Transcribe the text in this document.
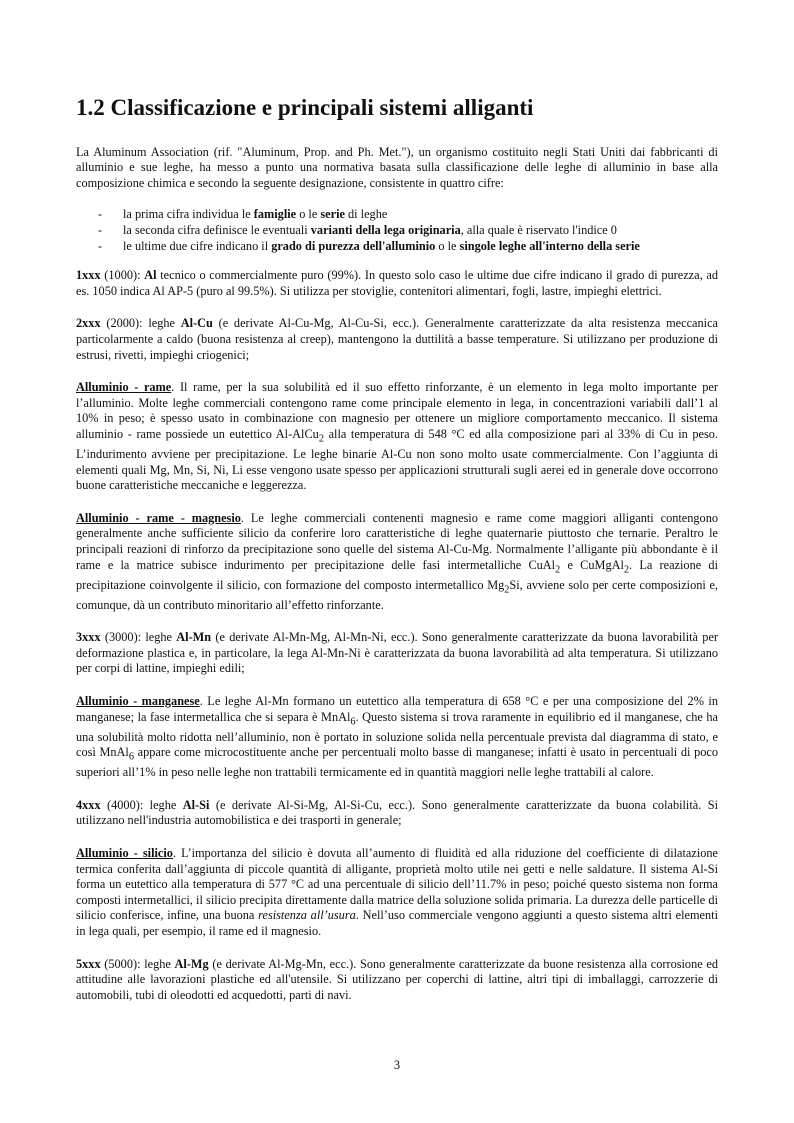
1.2 Classificazione e principali sistemi alliganti

La Aluminum Association (rif. "Aluminum, Prop. and Ph. Met."), un organismo costituito negli Stati Uniti dai fabbricanti di alluminio e sue leghe, ha messo a punto una normativa basata sulla classificazione delle leghe di alluminio in base alla composizione chimica e secondo la seguente designazione, consistente in quattro cifre:

- la prima cifra individua le famiglie o le serie di leghe
- la seconda cifra definisce le eventuali varianti della lega originaria, alla quale è riservato l'indice 0
- le ultime due cifre indicano il grado di purezza dell'alluminio o le singole leghe all'interno della serie

1xxx (1000): Al tecnico o commercialmente puro (99%). In questo solo caso le ultime due cifre indicano il grado di purezza, ad es. 1050 indica Al AP-5 (puro al 99.5%). Si utilizza per stoviglie, contenitori alimentari, fogli, lastre, impieghi elettrici.

2xxx (2000): leghe Al-Cu (e derivate Al-Cu-Mg, Al-Cu-Si, ecc.). Generalmente caratterizzate da alta resistenza meccanica particolarmente a caldo (buona resistenza al creep), mantengono la duttilità a basse temperature. Si utilizzano per produzione di estrusi, rivetti, impieghi criogenici;

Alluminio - rame. Il rame, per la sua solubilità ed il suo effetto rinforzante, è un elemento in lega molto importante per l’alluminio. Molte leghe commerciali contengono rame come principale elemento in lega, in concentrazioni variabili dall’1 al 10% in peso; è spesso usato in combinazione con magnesio per ottenere un migliore comportamento meccanico. Il sistema alluminio - rame possiede un eutettico Al-AlCu$_2$ alla temperatura di 548 °C ed alla composizione pari al 33% di Cu in peso. L’indurimento avviene per precipitazione. Le leghe binarie Al-Cu non sono molto usate commercialmente. Con l’aggiunta di elementi quali Mg, Mn, Si, Ni, Li esse vengono usate spesso per applicazioni strutturali sugli aerei ed in generale dove occorrono buone caratteristiche meccaniche e leggerezza.

Alluminio - rame - magnesio. Le leghe commerciali contenenti magnesio e rame come maggiori alliganti contengono generalmente anche sufficiente silicio da conferire loro caratteristiche di leghe quaternarie piuttosto che ternarie. Peraltro le principali reazioni di rinforzo da precipitazione sono quelle del sistema Al-Cu-Mg. Normalmente l’alligante più abbondante è il rame e la matrice subisce indurimento per precipitazione delle fasi intermetalliche CuAl$_2$ e CuMgAl$_2$. La reazione di precipitazione coinvolgente il silicio, con formazione del composto intermetallico $Mg_2Si$, avviene solo per certe composizioni e, comunque, dà un contributo minoritario all’effetto rinforzante.

3xxx (3000): leghe Al-Mn (e derivate Al-Mn-Mg, Al-Mn-Ni, ecc.). Sono generalmente caratterizzate da buona lavorabilità per deformazione plastica e, in particolare, la lega Al-Mn-Ni è caratterizzata da buona lavorabilità ad alta temperatura. Si utilizzano per corpi di lattine, impieghi edili;

Alluminio - manganese. Le leghe Al-Mn formano un eutettico alla temperatura di 658 °C e per una composizione del 2% in manganese; la fase intermetallica che si separa è MnAl$_6$. Questo sistema si trova raramente in equilibrio ed il manganese, che ha una solubilità molto ridotta nell’alluminio, non è portato in soluzione solida nella percentuale prevista dal diagramma di stato, e così MnAl$_6$ appare come microcostituente anche per percentuali molto basse di manganese; infatti è usato in percentuali di poco superiori all’1% in peso nelle leghe non trattabili termicamente ed in quantità maggiori nelle leghe trattabili al calore.

4xxx (4000): leghe Al-Si (e derivate Al-Si-Mg, Al-Si-Cu, ecc.). Sono generalmente caratterizzate da buona colabilità. Si utilizzano nell'industria automobilistica e dei trasporti in generale;

Alluminio - silicio. L’importanza del silicio è dovuta all’aumento di fluidità ed alla riduzione del coefficiente di dilatazione termica conferita dall’aggiunta di piccole quantità di alligante, proprietà molto utile nei getti e nelle saldature. Il sistema Al-Si forma un eutettico alla temperatura di 577 °C ad una percentuale di silicio dell’11.7% in peso; poiché questo sistema non forma composti intermetallici, il silicio precipita direttamente dalla matrice della soluzione solida primaria. La durezza delle particelle di silicio conferisce, infine, una buona resistenza all’usura. Nell’uso commerciale vengono aggiunti a questo sistema altri elementi in lega quali, per esempio, il rame ed il magnesio.

5xxx (5000): leghe Al-Mg (e derivate Al-Mg-Mn, ecc.). Sono generalmente caratterizzate da buone resistenza alla corrosione ed attitudine alle lavorazioni plastiche ed all'utensile. Si utilizzano per coperchi di lattine, altri tipi di imballaggi, carrozzerie di automobili, tubi di oleodotti ed acquedotti, parti di navi.

3
